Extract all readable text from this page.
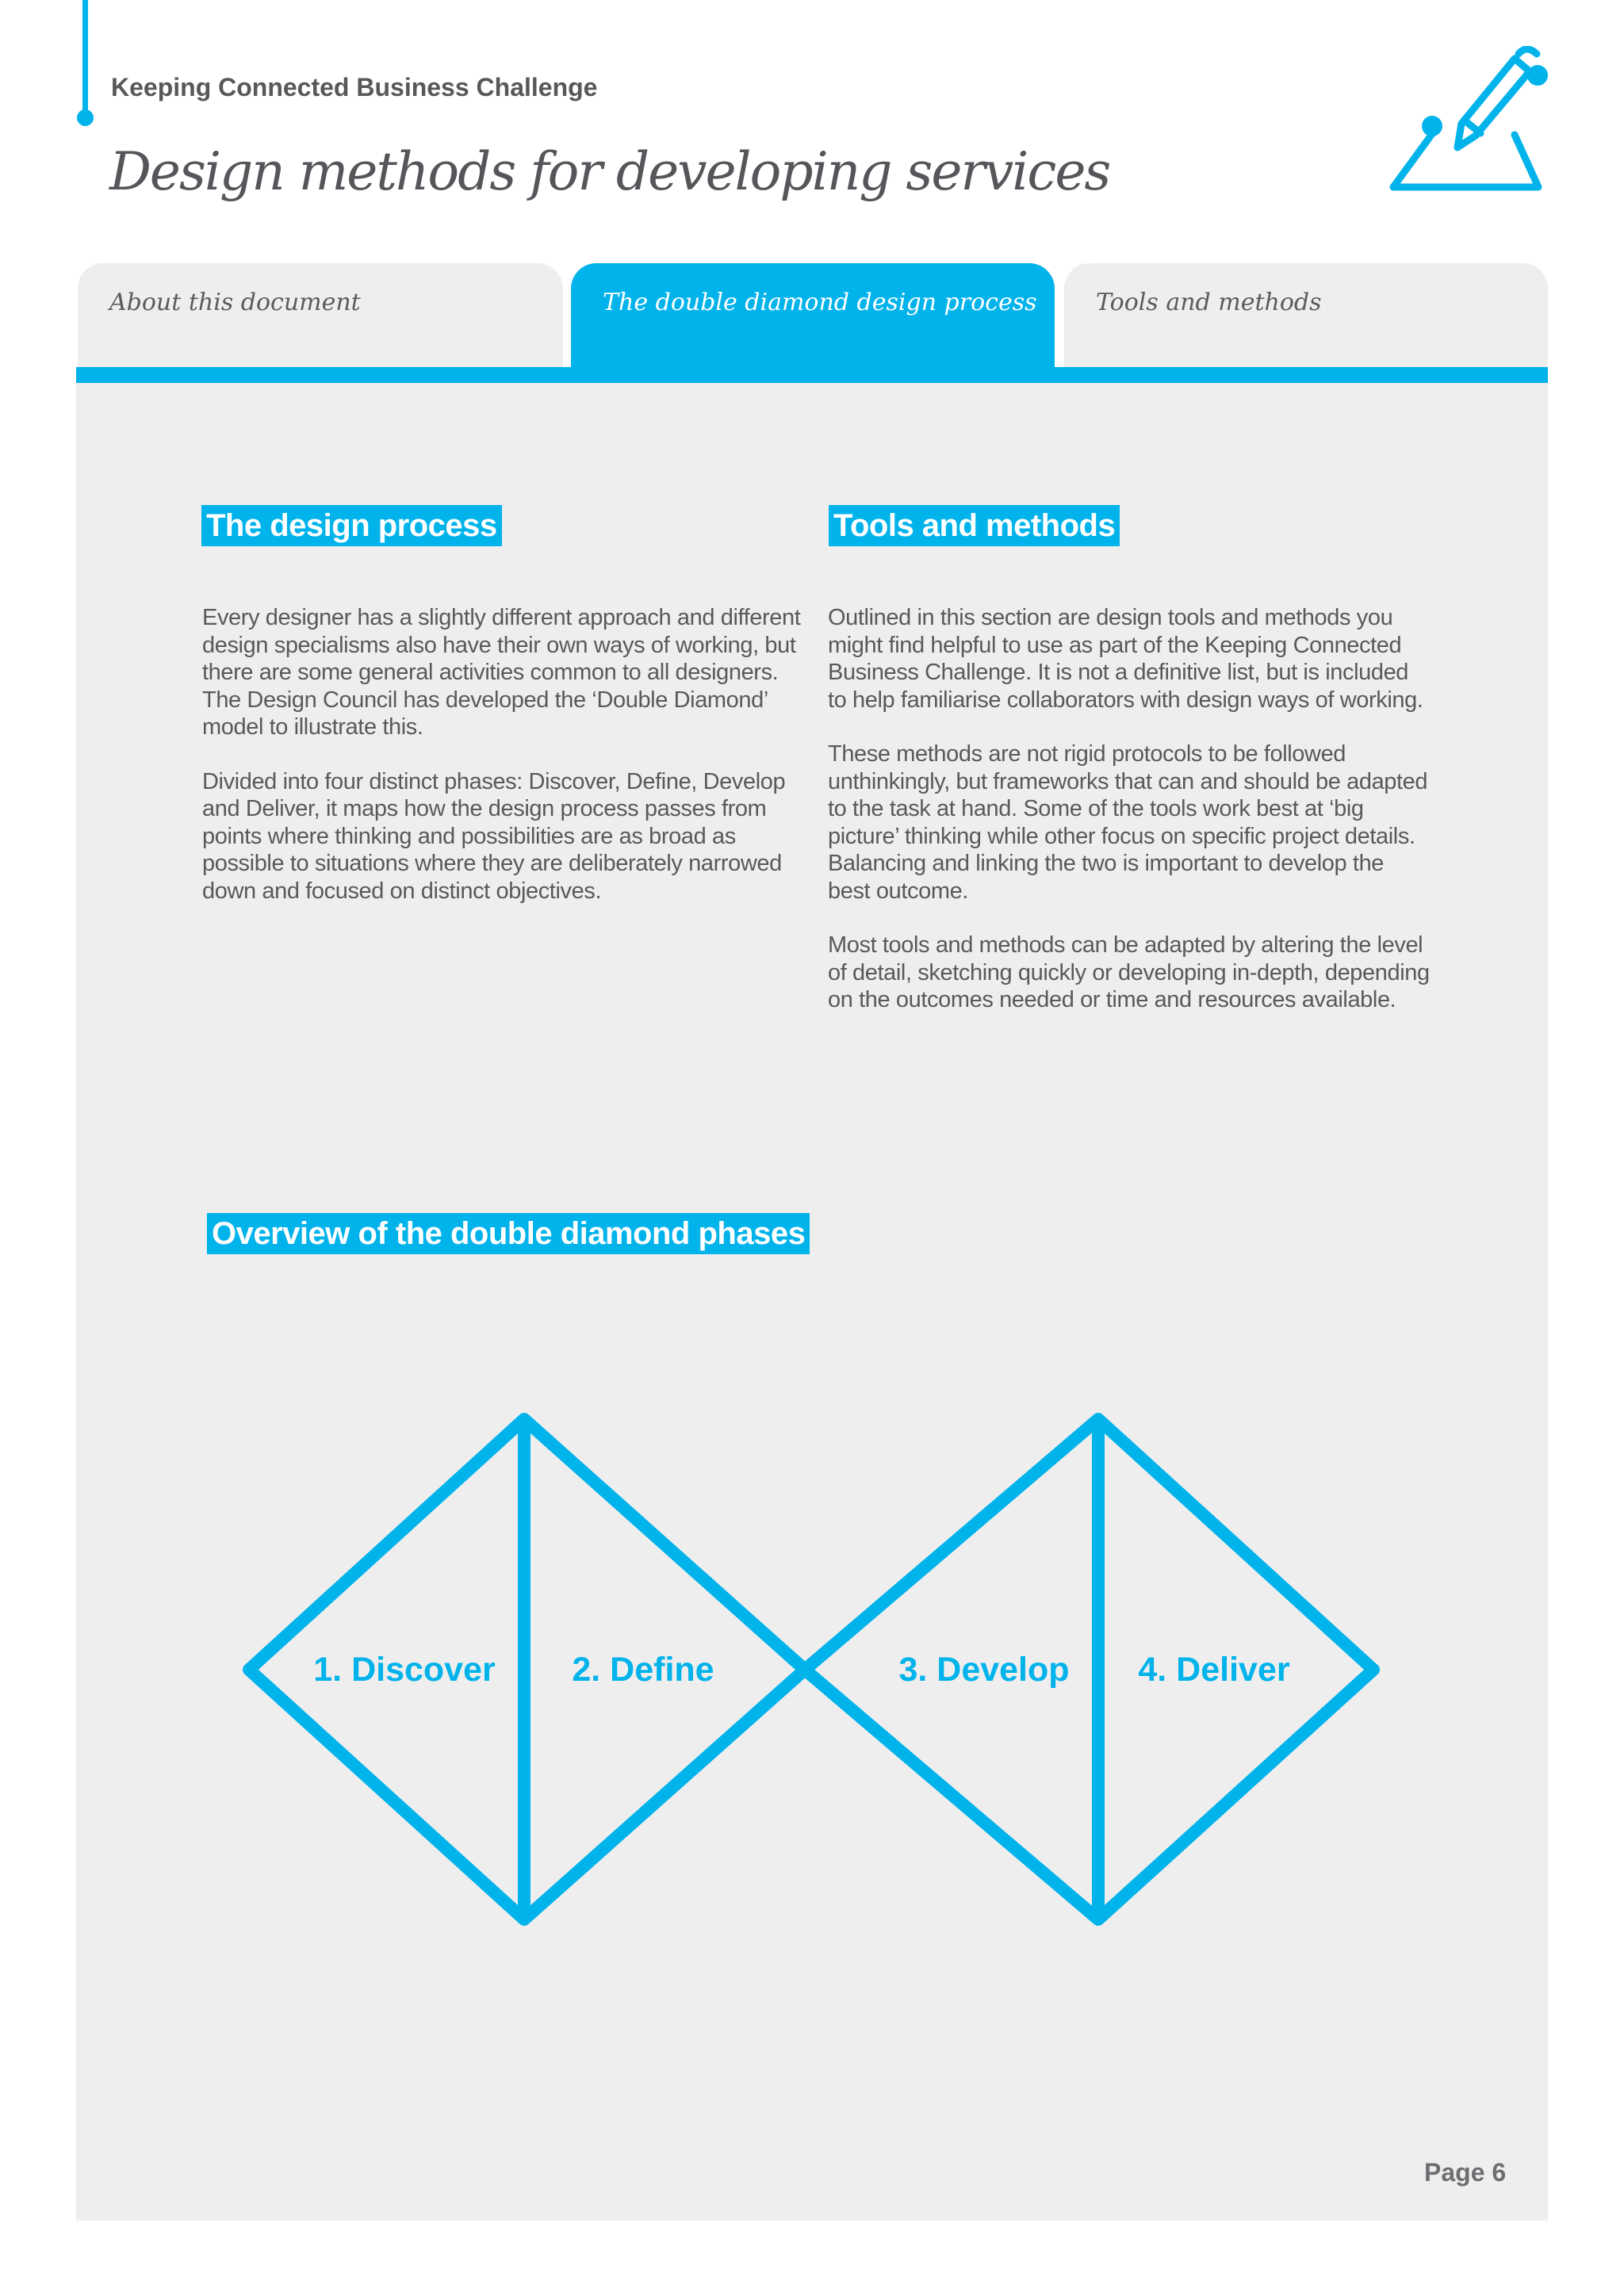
Keeping Connected Business Challenge
Design methods for developing services
About this document	The double diamond design process	Tools and methods
The design process

Every designer has a slightly different approach and different design specialisms also have their own ways of working, but there are some general activities common to all designers. The Design Council has developed the ‘Double Diamond’ model to illustrate this.

Divided into four distinct phases: Discover, Define, Develop and Deliver, it maps how the design process passes from points where thinking and possibilities are as broad as possible to situations where they are deliberately narrowed down and focused on distinct objectives.

Tools and methods

Outlined in this section are design tools and methods you might find helpful to use as part of the Keeping Connected Business Challenge. It is not a definitive list, but is included to help familiarise collaborators with design ways of working.

These methods are not rigid protocols to be followed unthinkingly, but frameworks that can and should be adapted to the task at hand. Some of the tools work best at ‘big picture’ thinking while other focus on specific project details. Balancing and linking the two is important to develop the best outcome.

Most tools and methods can be adapted by altering the level of detail, sketching quickly or developing in-depth, depending on the outcomes needed or time and resources available.

Overview of the double diamond phases
1. Discover 2. Define	3. Develop 4. Deliver
Page 6
